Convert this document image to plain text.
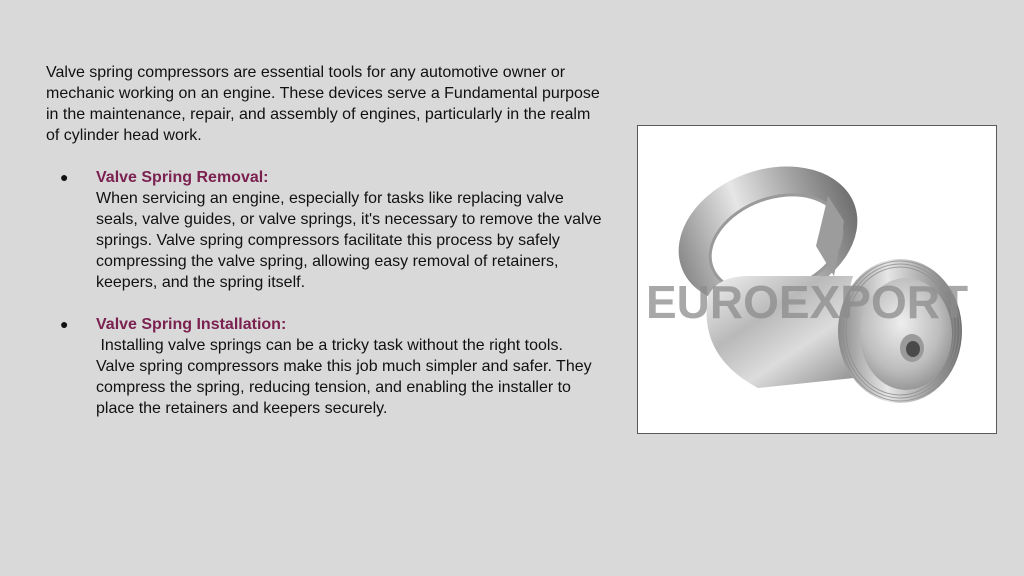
Valve spring compressors are essential tools for any automotive owner or mechanic working on an engine. These devices serve a Fundamental purpose in the maintenance, repair, and assembly of engines, particularly in the realm of cylinder head work.

● Valve Spring Removal:
When servicing an engine, especially for tasks like replacing valve seals, valve guides, or valve springs, it's necessary to remove the valve springs. Valve spring compressors facilitate this process by safely compressing the valve spring, allowing easy removal of retainers, keepers, and the spring itself.
● Valve Spring Installation:
Installing valve springs can be a tricky task without the right tools. Valve spring compressors make this job much simpler and safer. They compress the spring, reducing tension, and enabling the installer to place the retainers and keepers securely.
EUROEXPORT
